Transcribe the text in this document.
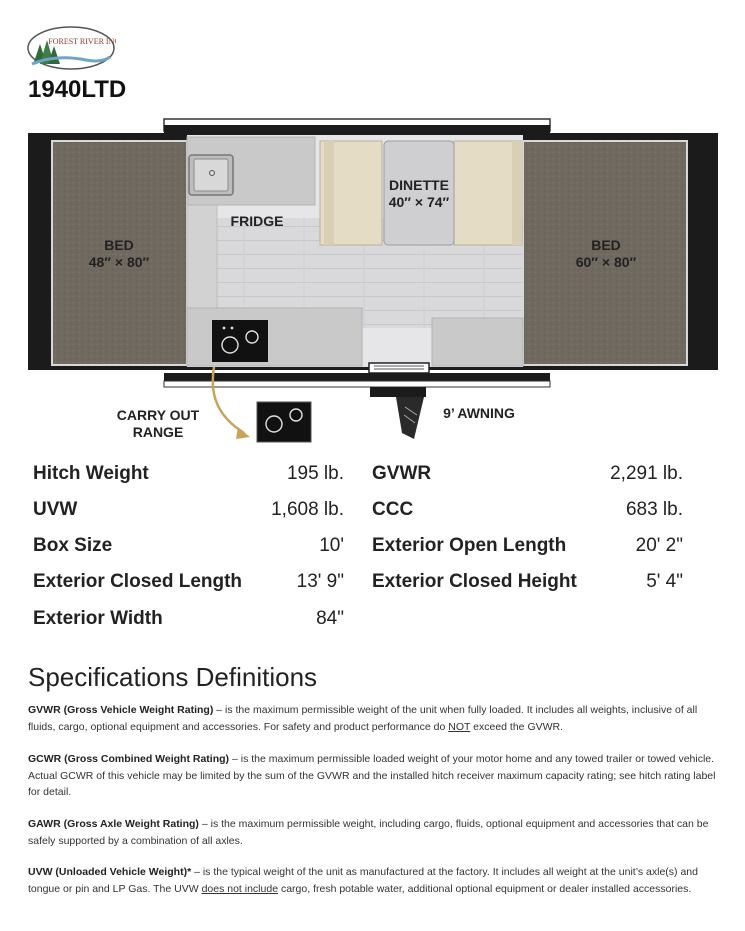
FOREST RIVER INC
1940LTD
BED
48″ × 80″
BED
60″ × 80″
DINETTE
40″ × 74″
FRIDGE
CARRY OUT
RANGE
9’ AWNING
Hitch Weight	195 lb.
UVW	1,608 lb.
Box Size	10'
Exterior Closed Length	13' 9"
Exterior Width	84"
GVWR	2,291 lb.
CCC	683 lb.
Exterior Open Length	20' 2"
Exterior Closed Height	5' 4"
Specifications Definitions

GVWR (Gross Vehicle Weight Rating) – is the maximum permissible weight of the unit when fully loaded. It includes all weights, inclusive of all fluids, cargo, optional equipment and accessories. For safety and product performance do NOT exceed the GVWR.

GCWR (Gross Combined Weight Rating) – is the maximum permissible loaded weight of your motor home and any towed trailer or towed vehicle. Actual GCWR of this vehicle may be limited by the sum of the GVWR and the installed hitch receiver maximum capacity rating; see hitch rating label for detail.

GAWR (Gross Axle Weight Rating) – is the maximum permissible weight, including cargo, fluids, optional equipment and accessories that can be safely supported by a combination of all axles.

UVW (Unloaded Vehicle Weight)* – is the typical weight of the unit as manufactured at the factory. It includes all weight at the unit’s axle(s) and tongue or pin and LP Gas. The UVW does not include cargo, fresh potable water, additional optional equipment or dealer installed accessories.
